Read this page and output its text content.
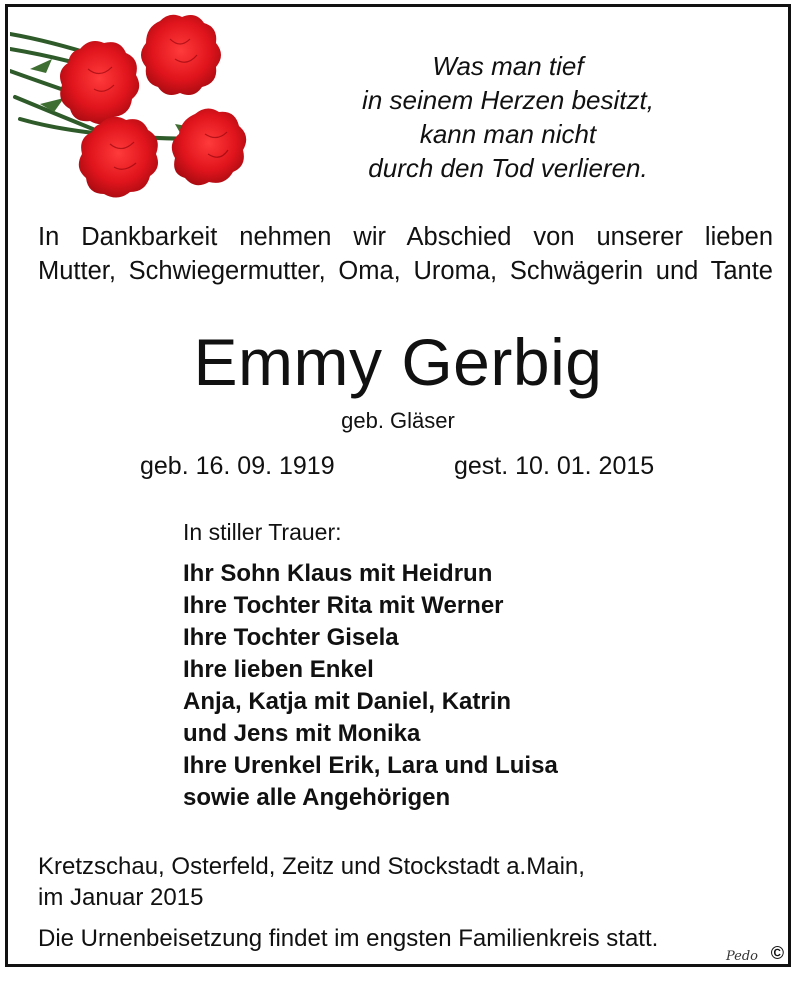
Was man tief
in seinem Herzen besitzt,
kann man nicht
durch den Tod verlieren.
In Dankbarkeit nehmen wir Abschied von unserer lieben
Mutter, Schwiegermutter, Oma, Uroma, Schwägerin und Tante
Emmy Gerbig
geb. Gläser
geb. 16. 09. 1919	gest. 10. 01. 2015
In stiller Trauer:
Ihr Sohn Klaus mit Heidrun
Ihre Tochter Rita mit Werner
Ihre Tochter Gisela
Ihre lieben Enkel
Anja, Katja mit Daniel, Katrin
und Jens mit Monika
Ihre Urenkel Erik, Lara und Luisa
sowie alle Angehörigen
Kretzschau, Osterfeld, Zeitz und Stockstadt a.Main,
im Januar 2015
Die Urnenbeisetzung findet im engsten Familienkreis statt.
Pedo ©
